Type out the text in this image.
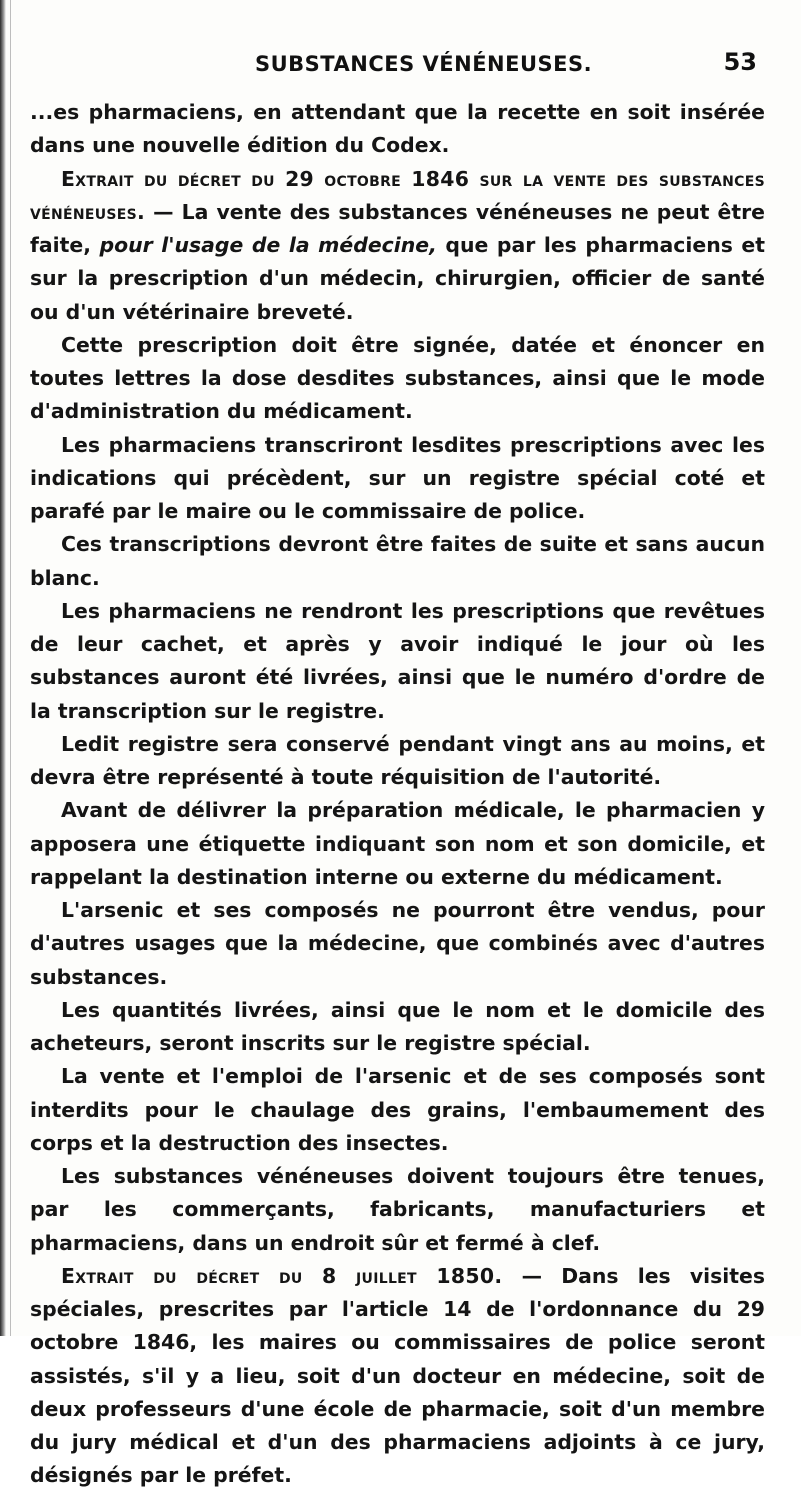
SUBSTANCES VÉNÉNEUSES.	53

...es pharmaciens, en attendant que la recette en soit insérée dans une nouvelle édition du Codex.

Extrait du décret du 29 octobre 1846 sur la vente des substances vénéneuses. — La vente des substances vénéneuses ne peut être faite, pour l'usage de la médecine, que par les pharmaciens et sur la prescription d'un médecin, chirurgien, officier de santé ou d'un vétérinaire breveté.

Cette prescription doit être signée, datée et énoncer en toutes lettres la dose desdites substances, ainsi que le mode d'administration du médicament.

Les pharmaciens transcriront lesdites prescriptions avec les indications qui précèdent, sur un registre spécial coté et parafé par le maire ou le commissaire de police.

Ces transcriptions devront être faites de suite et sans aucun blanc.

Les pharmaciens ne rendront les prescriptions que revêtues de leur cachet, et après y avoir indiqué le jour où les substances auront été livrées, ainsi que le numéro d'ordre de la transcription sur le registre.

Ledit registre sera conservé pendant vingt ans au moins, et devra être représenté à toute réquisition de l'autorité.

Avant de délivrer la préparation médicale, le pharmacien y apposera une étiquette indiquant son nom et son domicile, et rappelant la destination interne ou externe du médicament.

L'arsenic et ses composés ne pourront être vendus, pour d'autres usages que la médecine, que combinés avec d'autres substances.

Les quantités livrées, ainsi que le nom et le domicile des acheteurs, seront inscrits sur le registre spécial.

La vente et l'emploi de l'arsenic et de ses composés sont interdits pour le chaulage des grains, l'embaumement des corps et la destruction des insectes.

Les substances vénéneuses doivent toujours être tenues, par les commerçants, fabricants, manufacturiers et pharmaciens, dans un endroit sûr et fermé à clef.

Extrait du décret du 8 juillet 1850. — Dans les visites spéciales, prescrites par l'article 14 de l'ordonnance du 29 octobre 1846, les maires ou commissaires de police seront assistés, s'il y a lieu, soit d'un docteur en médecine, soit de deux professeurs d'une école de pharmacie, soit d'un membre du jury médical et d'un des pharmaciens adjoints à ce jury, désignés par le préfet.
